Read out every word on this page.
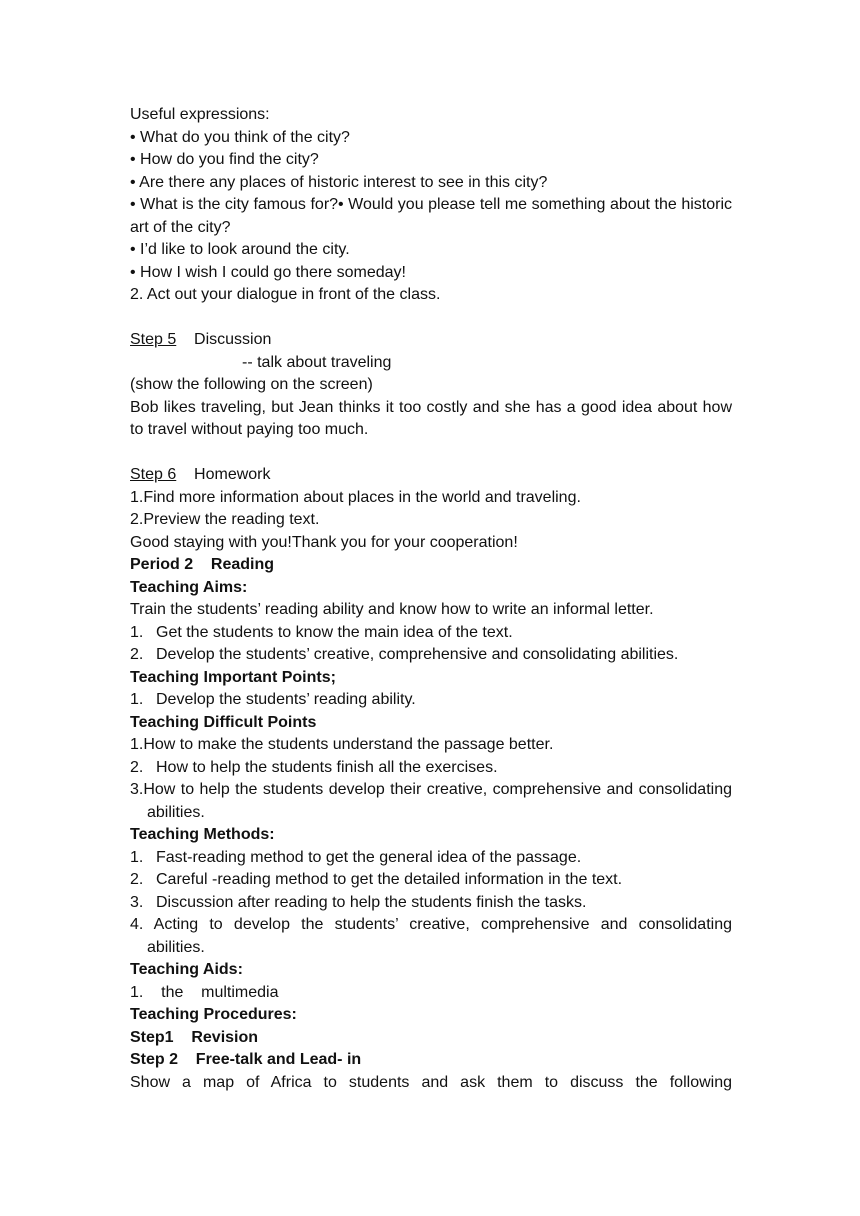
Useful expressions:

• What do you think of the city?

• How do you find the city?

• Are there any places of historic interest to see in this city?

• What is the city famous for?• Would you please tell me something about the historic art of the city?

• I’d like to look around the city.

• How I wish I could go there someday!

2. Act out your dialogue in front of the class.

Step 5 Discussion

-- talk about traveling

(show the following on the screen)

Bob likes traveling, but Jean thinks it too costly and she has a good idea about how to travel without paying too much.

Step 6 Homework

1.Find more information about places in the world and traveling.

2.Preview the reading text.

Good staying with you!Thank you for your cooperation!

Period 2    Reading

Teaching Aims:

Train the students’ reading ability and know how to write an informal letter.

1. Get the students to know the main idea of the text.
2. Develop the students’ creative, comprehensive and consolidating abilities.

Teaching Important Points;

1. Develop the students’ reading ability.

Teaching Difficult Points

1.How to make the students understand the passage better.

2. How to help the students finish all the exercises.

3.How to help the students develop their creative, comprehensive and consolidating abilities.

Teaching Methods:

1. Fast-reading method to get the general idea of the passage.
2. Careful -reading method to get the detailed information in the text.
3. Discussion after reading to help the students finish the tasks.

4. Acting to develop the students’ creative, comprehensive and consolidating abilities.

Teaching Aids:

1.    the    multimedia

Teaching Procedures:

Step1    Revision

Step 2    Free-talk and Lead- in

Show a map of Africa to students and ask them to discuss the following
